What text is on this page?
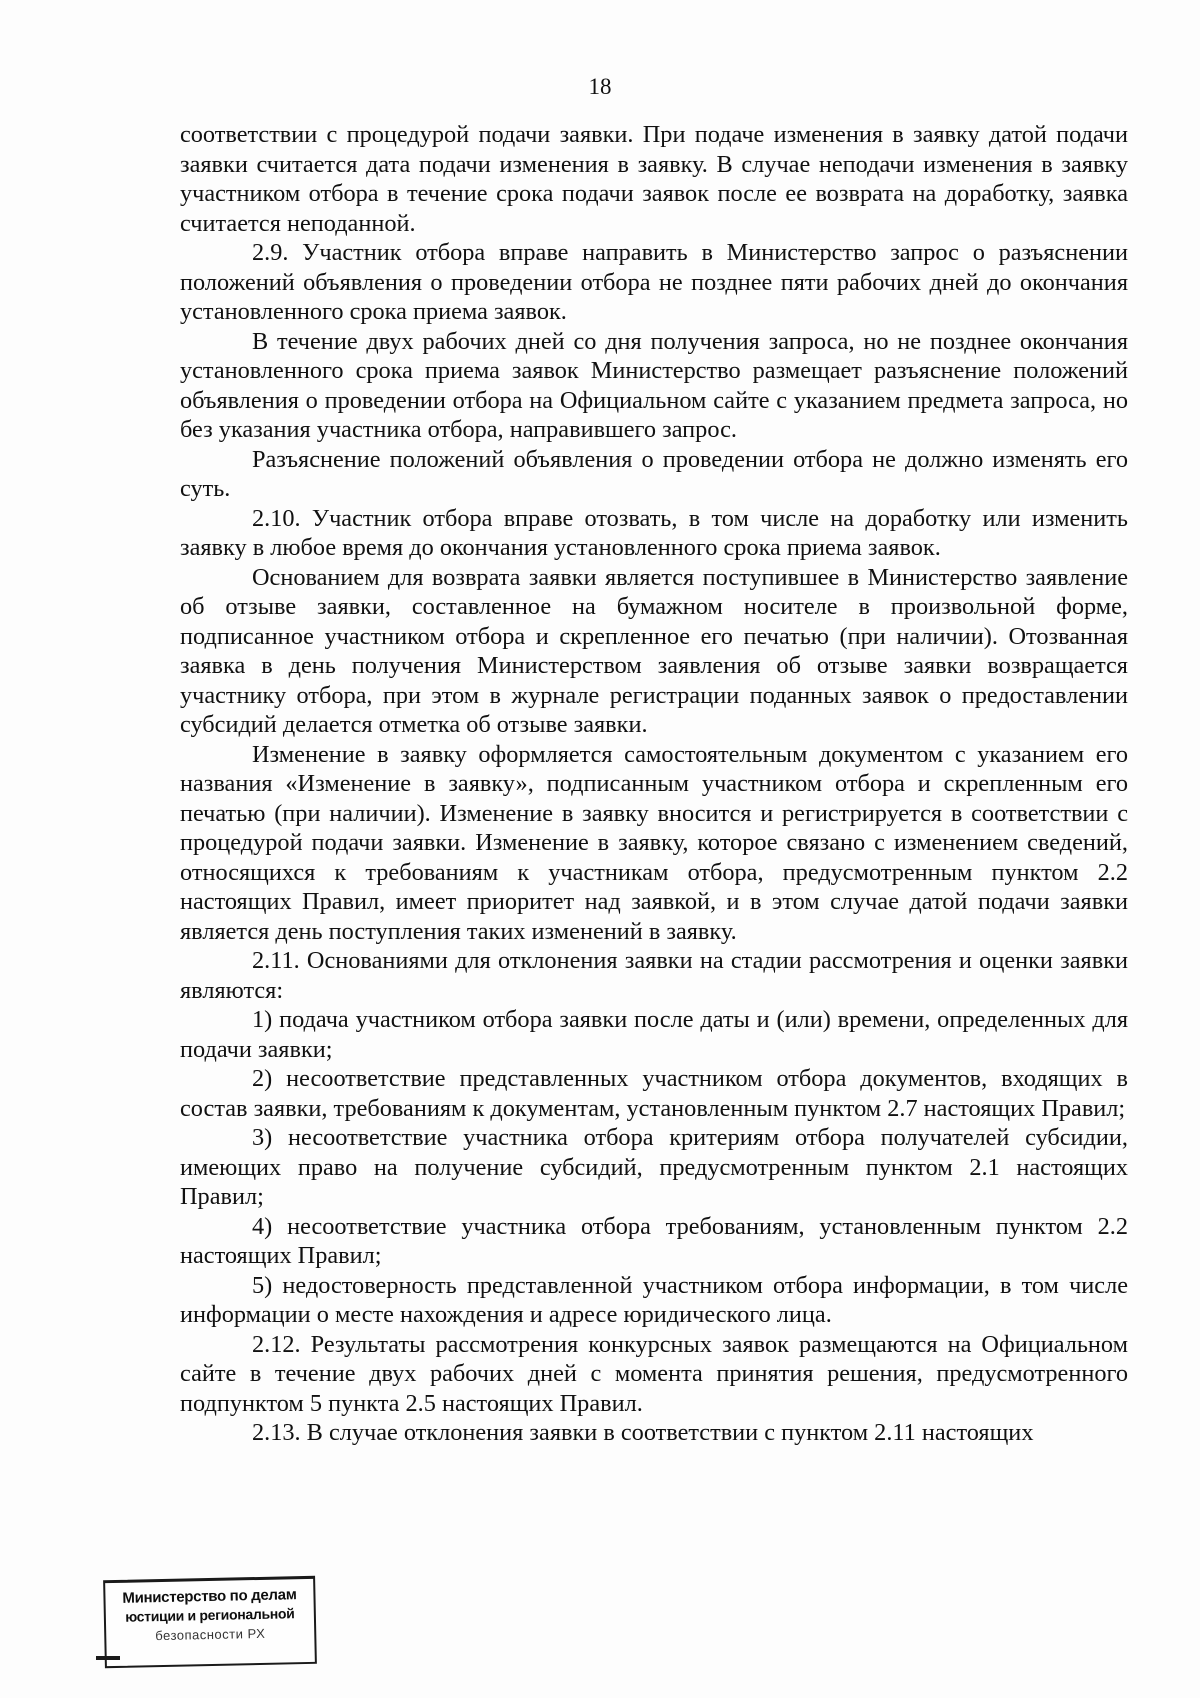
18

соответствии с процедурой подачи заявки. При подаче изменения в заявку датой подачи заявки считается дата подачи изменения в заявку. В случае неподачи изменения в заявку участником отбора в течение срока подачи заявок после ее возврата на доработку, заявка считается неподанной.

2.9. Участник отбора вправе направить в Министерство запрос о разъяснении положений объявления о проведении отбора не позднее пяти рабочих дней до окончания установленного срока приема заявок.

В течение двух рабочих дней со дня получения запроса, но не позднее окончания установленного срока приема заявок Министерство размещает разъяснение положений объявления о проведении отбора на Официальном сайте с указанием предмета запроса, но без указания участника отбора, направившего запрос.

Разъяснение положений объявления о проведении отбора не должно изменять его суть.

2.10. Участник отбора вправе отозвать, в том числе на доработку или изменить заявку в любое время до окончания установленного срока приема заявок.

Основанием для возврата заявки является поступившее в Министерство заявление об отзыве заявки, составленное на бумажном носителе в произвольной форме, подписанное участником отбора и скрепленное его печатью (при наличии). Отозванная заявка в день получения Министерством заявления об отзыве заявки возвращается участнику отбора, при этом в журнале регистрации поданных заявок о предоставлении субсидий делается отметка об отзыве заявки.

Изменение в заявку оформляется самостоятельным документом с указанием его названия «Изменение в заявку», подписанным участником отбора и скрепленным его печатью (при наличии). Изменение в заявку вносится и регистрируется в соответствии с процедурой подачи заявки. Изменение в заявку, которое связано с изменением сведений, относящихся к требованиям к участникам отбора, предусмотренным пунктом 2.2 настоящих Правил, имеет приоритет над заявкой, и в этом случае датой подачи заявки является день поступления таких изменений в заявку.

2.11. Основаниями для отклонения заявки на стадии рассмотрения и оценки заявки являются:

1) подача участником отбора заявки после даты и (или) времени, определенных для подачи заявки;

2) несоответствие представленных участником отбора документов, входящих в состав заявки, требованиям к документам, установленным пунктом 2.7 настоящих Правил;

3) несоответствие участника отбора критериям отбора получателей субсидии, имеющих право на получение субсидий, предусмотренным пунктом 2.1 настоящих Правил;

4) несоответствие участника отбора требованиям, установленным пунктом 2.2 настоящих Правил;

5) недостоверность представленной участником отбора информации, в том числе информации о месте нахождения и адресе юридического лица.

2.12. Результаты рассмотрения конкурсных заявок размещаются на Официальном сайте в течение двух рабочих дней с момента принятия решения, предусмотренного подпунктом 5 пункта 2.5 настоящих Правил.

2.13. В случае отклонения заявки в соответствии с пунктом 2.11 настоящих

Министерство по делам
юстиции и региональной
безопасности РХ
